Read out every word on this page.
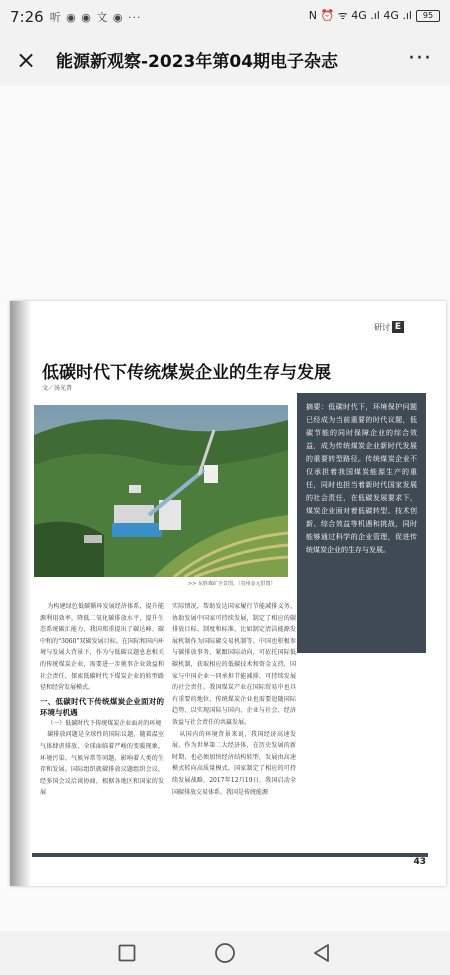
7:26 听 ◉ ◉ 文 ◉ ···	N ⏰ ᯤ 4G .ıl 4G .ıl	95
× 能源新观察-2023年第04期电子杂志	···
研讨 E
低碳时代下传统煤炭企业的生存与发展
文／汤光普
>> 东胜煤矿全景图。（贵州金元供图）
摘要：低碳时代下，环境保护问题已经成为当前重要的时代议题，低碳节能的同时保障企业的综合效益，成为传统煤炭企业新时代发展的重要转型路径。传统煤炭企业不仅承担着我国煤炭能源生产的重任，同时也担当着新时代国家发展的社会责任，在低碳发展要求下，煤炭企业面对着低碳转型、技术创新、综合效益等机遇和挑战，同时能够通过科学的企业管理，促进传统煤炭企业的生存与发展。

为构建绿色低碳循环发展经济体系，提升能源利用效率，降低二氧化碳排放水平，提升生态系统碳汇能力，我国郑重提出了碳达峰、碳中和的“3060”双碳发展目标。在国际和国内环境与发展大背景下，作为与低碳议题息息相关的传统煤炭企业，需要进一步挑事企业效益和社会责任，探索低碳时代下煤炭企业的转型路径和经营发展模式。

一、低碳时代下传统煤炭企业面对的环境与机遇

（一）低碳时代下传统煤炭企业面对的环境

碳排放问题是全球性的国际议题，随着温室气体肆虐排放，全球面临着严峻的变暖现象，环境污染、气候异常等问题，影响着人类的生存和发展。国际组织就碳排放议题组织会议，经多国会议洽谈协商，根据各地区和国家的发展

实际情况，帮助发达国家履行节能减排义务，协助发展中国家可持续发展，制定了相应的碳排放目标、制度和标准，比如制定清洁能源发展机制作为国际碳交易机制等。中国也积极参与碳排放事务，紧跟国际动向，可依托国际低碳机制，获取相应的低碳技术和资金支持，国家与中国企业一同承担节能减排、可持续发展的社会责任。我国煤炭产业在国际贸易中也具有重要的地位，传统煤炭企业也需要追随国际趋势，以实现国际与国内、企业与社会、经济效益与社会责任的共赢发展。

从国内的环境背景来说，我国经济高速发展，作为世界第二大经济体，在历史发展的新时期，也必须加快经济结构转型，发展由高速模式转向高质量模式，国家制定了相应的可持续发展战略，2017年12月19日，我国启动全国碳排放交易体系。我国是传统能源

43
